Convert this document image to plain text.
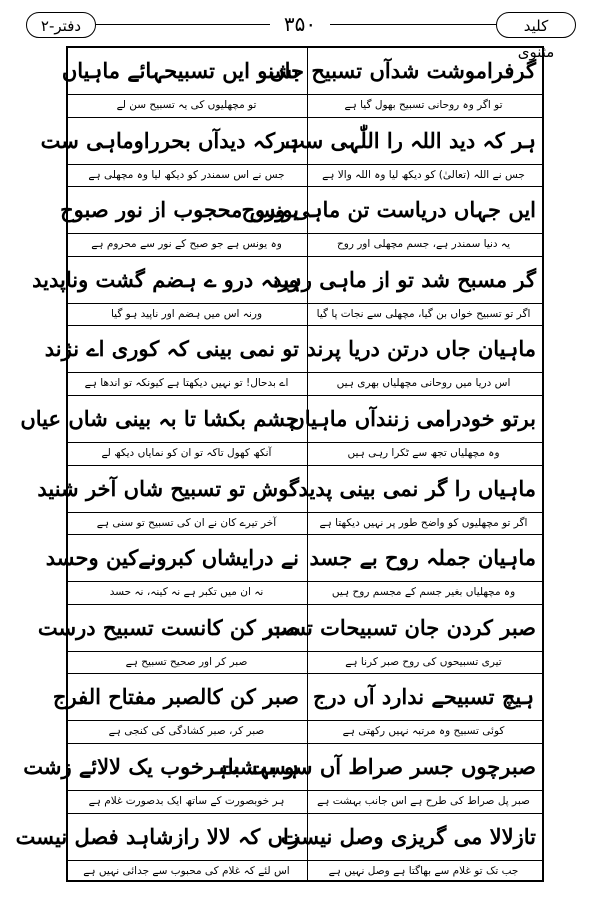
کلید مثنوی
۳۵۰
دفتر-۲
گرفراموشت شدآں تسبیح جاں
تو اگر وہ روحانی تسبیح بھول گیا ہے
بشنو ایں تسبیحہائے ماہیاں
تو مچھلیوں کی یہ تسبیح سن لے
ہر کہ دید اللہ را اللّٰہی ست
جس نے اللہ (تعالیٰ) کو دیکھ لیا وہ اللہ والا ہے
ہرکہ دیدآں بحرراوماہی ست
جس نے اس سمندر کو دیکھ لیا وہ مچھلی ہے
ایں جہاں دریاست تن ماہی وروح
یہ دنیا سمندر ہے، جسم مچھلی اور روح
یونس محجوب از نور صبوح
وہ یونس ہے جو صبح کے نور سے محروم ہے
گر مسبح شد تو از ماہی رہید
اگر تو تسبیح خواں بن گیا، مچھلی سے نجات پا گیا
ورنہ درو ے ہضم گشت وناپدید
ورنہ اس میں ہضم اور ناپید ہو گیا
ماہیان جاں درتن دریا پرند
اس دریا میں روحانی مچھلیاں بھری ہیں
تو نمی بینی کہ کوری اے نژند
اے بدحال! تو نہیں دیکھتا ہے کیونکہ تو اندھا ہے
برتو خودرامی زنندآں ماہیاں
وہ مچھلیاں تجھ سے ٹکرا رہی ہیں
چشم بکشا تا بہ بینی شاں عیاں
آنکھ کھول تاکہ تو ان کو نمایاں دیکھ لے
ماہیاں را گر نمی بینی پدید
اگر تو مچھلیوں کو واضح طور پر نہیں دیکھتا ہے
گوش تو تسبیح شاں آخر شنید
آخر تیرے کان نے ان کی تسبیح تو سنی ہے
ماہیان جملہ روح بے جسد
وہ مچھلیاں بغیر جسم کے مجسم روح ہیں
نے درایشاں کبرونےکین وحسد
نہ ان میں تکبر ہے نہ کینہ، نہ حسد
صبر کردن جان تسبیحات تست
تیری تسبیحوں کی روح صبر کرنا ہے
صبر کن کانست تسبیح درست
صبر کر اور صحیح تسبیح ہے
ہیچ تسبیحے ندارد آں درج
کوئی تسبیح وہ مرتبہ نہیں رکھتی ہے
صبر کن کالصبر مفتاح الفرج
صبر کر، صبر کشادگی کی کنجی ہے
صبرچوں جسر صراط آں سو بہشت
صبر پل صراط کی طرح ہے اس جانب بہشت ہے
ہست باہرخوب یک لالائے زشت
ہر خوبصورت کے ساتھ ایک بدصورت غلام ہے
تازلالا می گریزی وصل نیست
جب تک تو غلام سے بھاگتا ہے وصل نہیں ہے
زاں کہ لالا رازشاہد فصل نیست
اس لئے کہ غلام کی محبوب سے جدائی نہیں ہے
